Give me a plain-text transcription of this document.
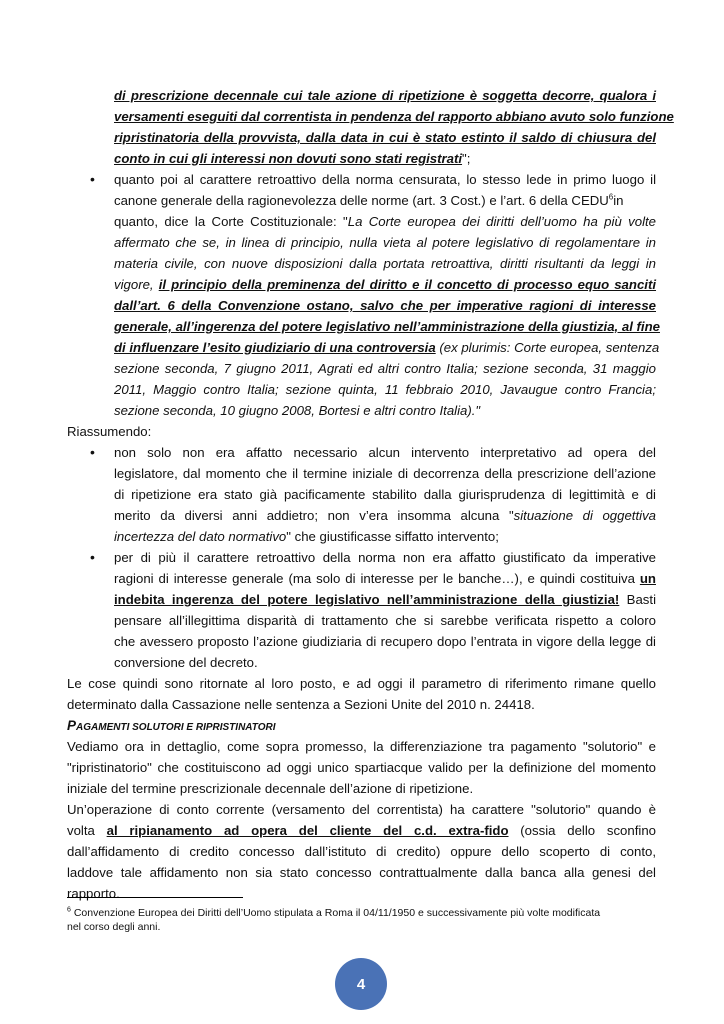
di prescrizione decennale cui tale azione di ripetizione è soggetta decorre, qualora i
versamenti eseguiti dal correntista in pendenza del rapporto abbiano avuto solo funzione
ripristinatoria della provvista, dalla data in cui è stato estinto il saldo di chiusura del
conto in cui gli interessi non dovuti sono stati registrati";
• quanto poi al carattere retroattivo della norma censurata, lo stesso lede in primo luogo il
canone generale della ragionevolezza delle norme (art. 3 Cost.) e l’art. 6 della CEDU$^6$in
quanto, dice la Corte Costituzionale: "La Corte europea dei diritti dell’uomo ha più volte
affermato che se, in linea di principio, nulla vieta al potere legislativo di regolamentare in
materia civile, con nuove disposizioni dalla portata retroattiva, diritti risultanti da leggi in
vigore, il principio della preminenza del diritto e il concetto di processo equo sanciti
dall’art. 6 della Convenzione ostano, salvo che per imperative ragioni di interesse
generale, all’ingerenza del potere legislativo nell’amministrazione della giustizia, al fine
di influenzare l’esito giudiziario di una controversia (ex plurimis: Corte europea, sentenza
sezione seconda, 7 giugno 2011, Agrati ed altri contro Italia; sezione seconda, 31 maggio
2011, Maggio contro Italia; sezione quinta, 11 febbraio 2010, Javaugue contro Francia;
sezione seconda, 10 giugno 2008, Bortesi e altri contro Italia)."
Riassumendo:
• non solo non era affatto necessario alcun intervento interpretativo ad opera del
legislatore, dal momento che il termine iniziale di decorrenza della prescrizione dell’azione
di ripetizione era stato già pacificamente stabilito dalla giurisprudenza di legittimità e di
merito da diversi anni addietro; non v’era insomma alcuna "situazione di oggettiva
incertezza del dato normativo" che giustificasse siffatto intervento;
• per di più il carattere retroattivo della norma non era affatto giustificato da imperative
ragioni di interesse generale (ma solo di interesse per le banche…), e quindi costituiva un
indebita ingerenza del potere legislativo nell’amministrazione della giustizia! Basti
pensare all’illegittima disparità di trattamento che si sarebbe verificata rispetto a coloro
che avessero proposto l’azione giudiziaria di recupero dopo l’entrata in vigore della legge di
conversione del decreto.
Le cose quindi sono ritornate al loro posto, e ad oggi il parametro di riferimento rimane quello
determinato dalla Cassazione nelle sentenza a Sezioni Unite del 2010 n. 24418.
PAGAMENTI SOLUTORI E RIPRISTINATORI
Vediamo ora in dettaglio, come sopra promesso, la differenziazione tra pagamento "solutorio" e
"ripristinatorio" che costituiscono ad oggi unico spartiacque valido per la definizione del momento
iniziale del termine prescrizionale decennale dell’azione di ripetizione.
Un’operazione di conto corrente (versamento del correntista) ha carattere "solutorio" quando è
volta al ripianamento ad opera del cliente del c.d. extra-fido (ossia dello sconfino
dall’affidamento di credito concesso dall’istituto di credito) oppure dello scoperto di conto,
laddove tale affidamento non sia stato concesso contrattualmente dalla banca alla genesi del
rapporto.
$^6$ Convenzione Europea dei Diritti dell’Uomo stipulata a Roma il 04/11/1950 e successivamente più volte modificata
nel corso degli anni.
4
